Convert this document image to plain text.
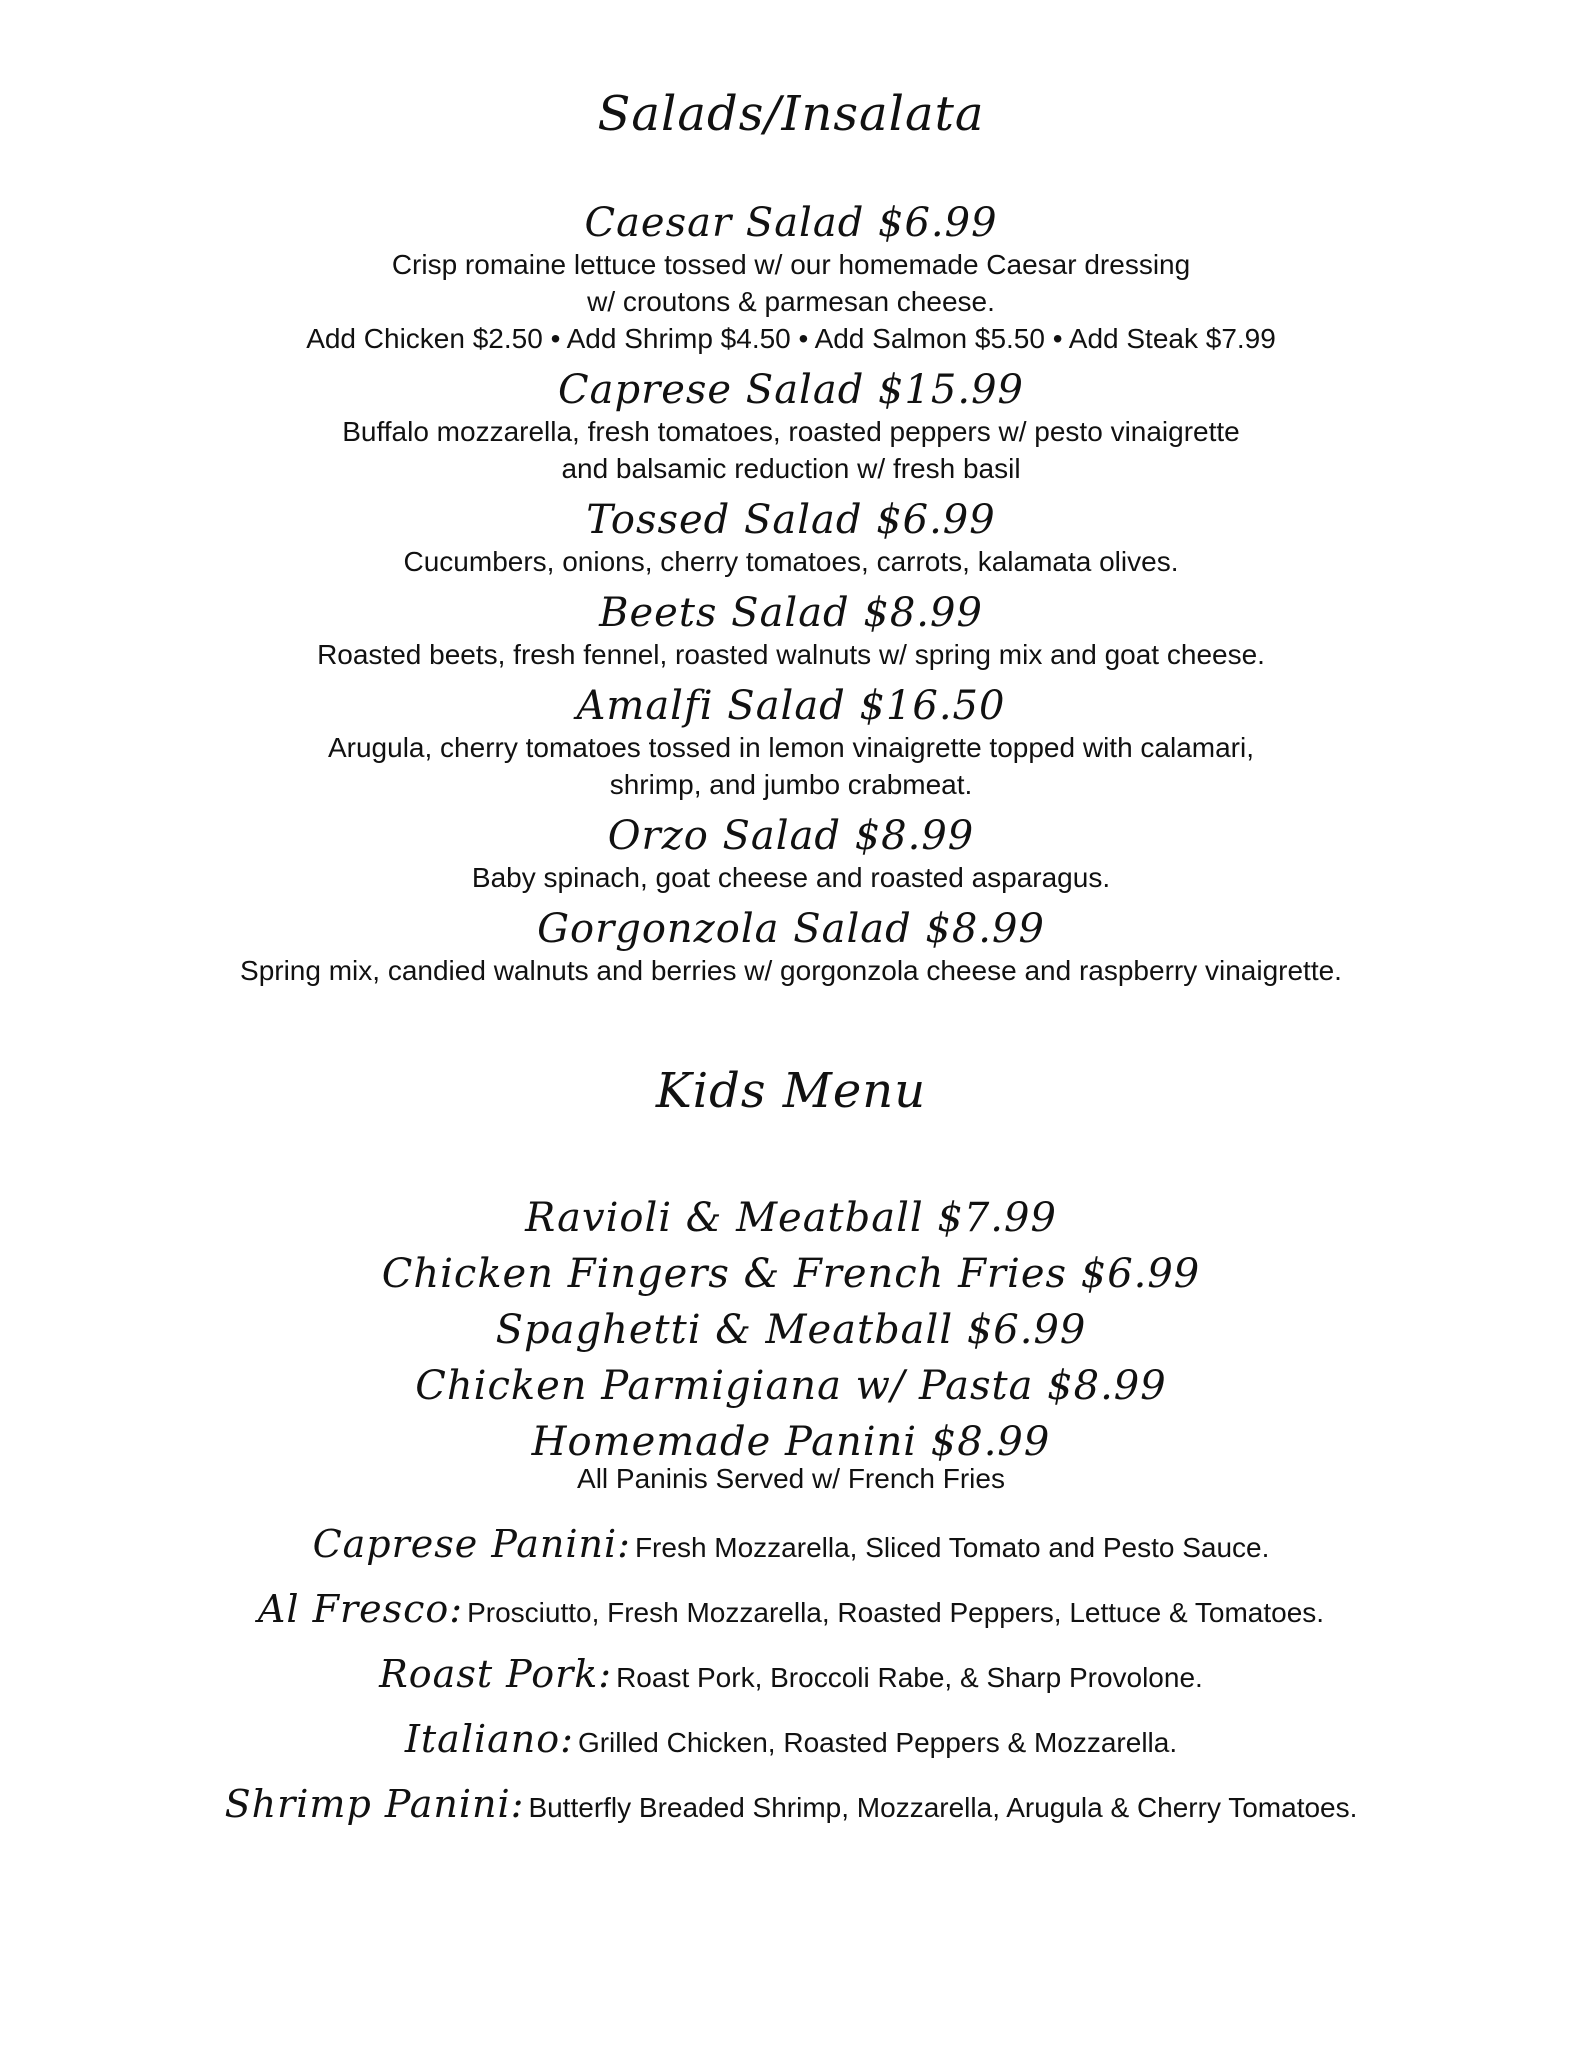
Salads/Insalata
Caesar Salad $6.99
Crisp romaine lettuce tossed w/ our homemade Caesar dressing
w/ croutons & parmesan cheese.
Add Chicken $2.50 • Add Shrimp $4.50 • Add Salmon $5.50 • Add Steak $7.99
Caprese Salad $15.99
Buffalo mozzarella, fresh tomatoes, roasted peppers w/ pesto vinaigrette
and balsamic reduction w/ fresh basil
Tossed Salad $6.99
Cucumbers, onions, cherry tomatoes, carrots, kalamata olives.
Beets Salad $8.99
Roasted beets, fresh fennel, roasted walnuts w/ spring mix and goat cheese.
Amalfi Salad $16.50
Arugula, cherry tomatoes tossed in lemon vinaigrette topped with calamari,
shrimp, and jumbo crabmeat.
Orzo Salad $8.99
Baby spinach, goat cheese and roasted asparagus.
Gorgonzola Salad $8.99
Spring mix, candied walnuts and berries w/ gorgonzola cheese and raspberry vinaigrette.
Kids Menu
Ravioli & Meatball $7.99
Chicken Fingers & French Fries $6.99
Spaghetti & Meatball $6.99
Chicken Parmigiana w/ Pasta $8.99
Homemade Panini $8.99
All Paninis Served w/ French Fries
Caprese Panini: Fresh Mozzarella, Sliced Tomato and Pesto Sauce.
Al Fresco: Prosciutto, Fresh Mozzarella, Roasted Peppers, Lettuce & Tomatoes.
Roast Pork: Roast Pork, Broccoli Rabe, & Sharp Provolone.
Italiano: Grilled Chicken, Roasted Peppers & Mozzarella.
Shrimp Panini: Butterfly Breaded Shrimp, Mozzarella, Arugula & Cherry Tomatoes.
